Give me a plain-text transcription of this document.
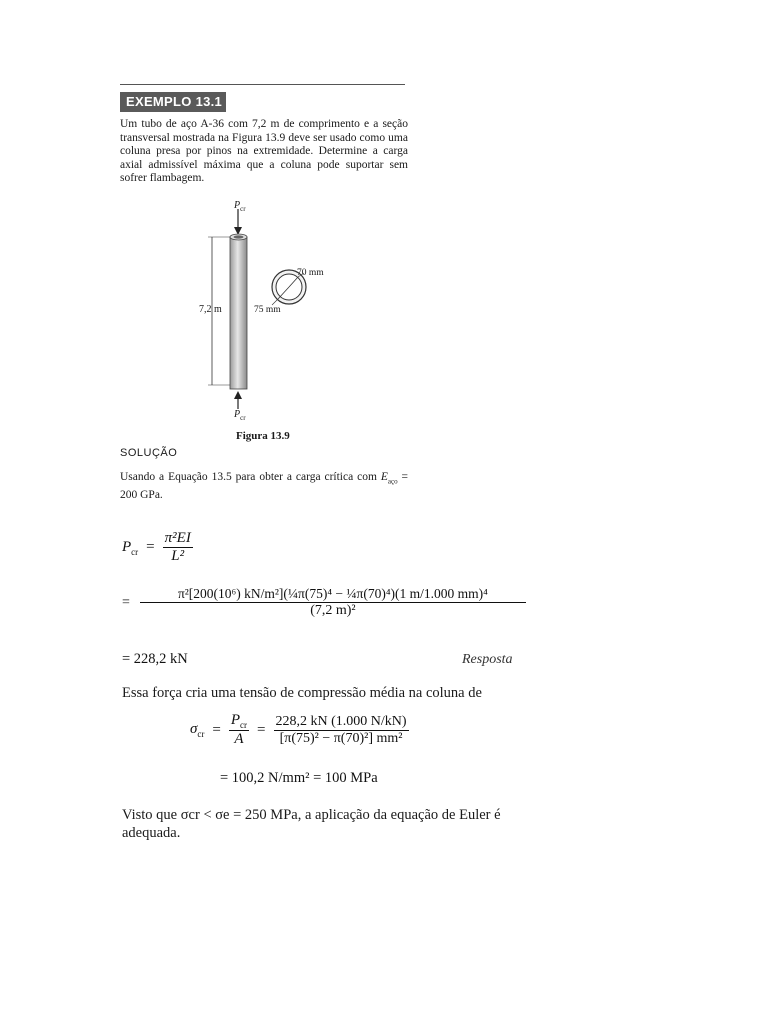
EXEMPLO 13.1
Um tubo de aço A-36 com 7,2 m de comprimento e a seção transversal mostrada na Figura 13.9 deve ser usado como uma coluna presa por pinos na extremidade. Determine a carga axial admissível máxima que a coluna pode suportar sem sofrer flambagem.
$P_{cr}$
$P_{cr}$
7,2 m
70 mm
75 mm
Figura 13.9
SOLUÇÃO
Usando a Equação 13.5 para obter a carga crítica com $E_{aço} = 200$ GPa.
$P_{cr} = \frac{\text{π²EI}}{\text{L²}}$
= $\frac{\text{π²[200(10⁶) kN/m²](¼π(75)⁴ − ¼π(70)⁴)(1 m/1.000 mm)⁴}}{\text{(7,2 m)²}}$
= 228,2 kN	Resposta
Essa força cria uma tensão de compressão média na coluna de
$\sigma_{cr} = \frac{P_{cr}}{A} = \frac{228,2 kN (1.000 N/kN)}{\text{[π(75)² − π(70)²] mm²}}$
= 100,2 N/mm² = 100 MPa
Visto que σcr < σe = 250 MPa, a aplicação da equação de Euler é adequada.
